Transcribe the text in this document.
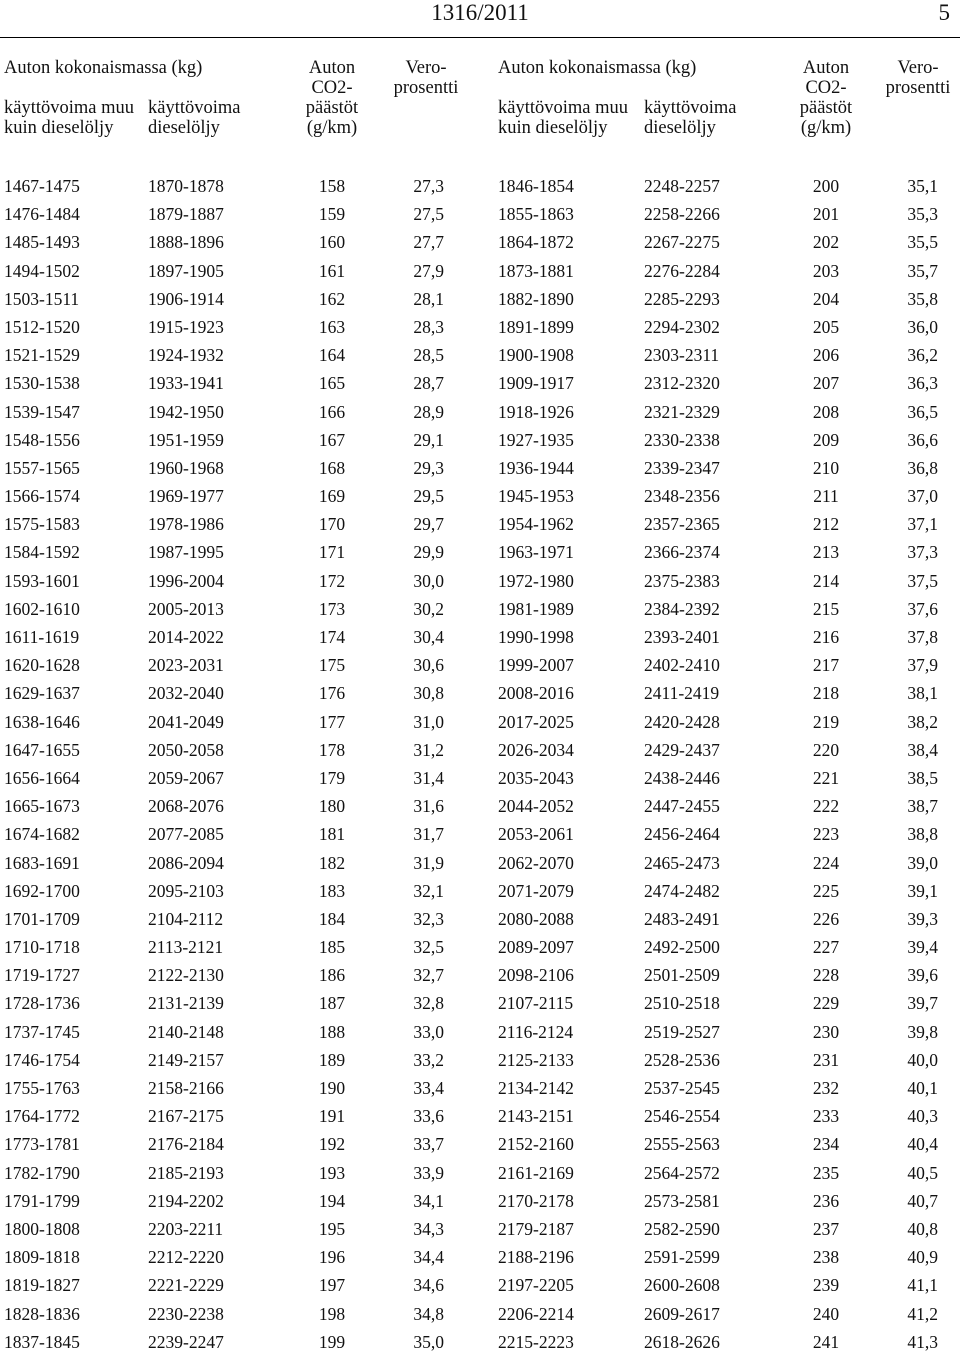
1316/2011	5
Auton kokonaismassa (kg)
käyttövoima muu kuin dieselöljy
käyttövoima dieselöljy
Auton CO2-päästöt (g/km)
Vero-prosentti
1467-1475	1870-1878	158	27,3
1476-1484	1879-1887	159	27,5
1485-1493	1888-1896	160	27,7
1494-1502	1897-1905	161	27,9
1503-1511	1906-1914	162	28,1
1512-1520	1915-1923	163	28,3
1521-1529	1924-1932	164	28,5
1530-1538	1933-1941	165	28,7
1539-1547	1942-1950	166	28,9
1548-1556	1951-1959	167	29,1
1557-1565	1960-1968	168	29,3
1566-1574	1969-1977	169	29,5
1575-1583	1978-1986	170	29,7
1584-1592	1987-1995	171	29,9
1593-1601	1996-2004	172	30,0
1602-1610	2005-2013	173	30,2
1611-1619	2014-2022	174	30,4
1620-1628	2023-2031	175	30,6
1629-1637	2032-2040	176	30,8
1638-1646	2041-2049	177	31,0
1647-1655	2050-2058	178	31,2
1656-1664	2059-2067	179	31,4
1665-1673	2068-2076	180	31,6
1674-1682	2077-2085	181	31,7
1683-1691	2086-2094	182	31,9
1692-1700	2095-2103	183	32,1
1701-1709	2104-2112	184	32,3
1710-1718	2113-2121	185	32,5
1719-1727	2122-2130	186	32,7
1728-1736	2131-2139	187	32,8
1737-1745	2140-2148	188	33,0
1746-1754	2149-2157	189	33,2
1755-1763	2158-2166	190	33,4
1764-1772	2167-2175	191	33,6
1773-1781	2176-2184	192	33,7
1782-1790	2185-2193	193	33,9
1791-1799	2194-2202	194	34,1
1800-1808	2203-2211	195	34,3
1809-1818	2212-2220	196	34,4
1819-1827	2221-2229	197	34,6
1828-1836	2230-2238	198	34,8
1837-1845	2239-2247	199	35,0
Auton kokonaismassa (kg)
käyttövoima muu kuin dieselöljy
käyttövoima dieselöljy
Auton CO2-päästöt (g/km)
Vero-prosentti
1846-1854	2248-2257	200	35,1
1855-1863	2258-2266	201	35,3
1864-1872	2267-2275	202	35,5
1873-1881	2276-2284	203	35,7
1882-1890	2285-2293	204	35,8
1891-1899	2294-2302	205	36,0
1900-1908	2303-2311	206	36,2
1909-1917	2312-2320	207	36,3
1918-1926	2321-2329	208	36,5
1927-1935	2330-2338	209	36,6
1936-1944	2339-2347	210	36,8
1945-1953	2348-2356	211	37,0
1954-1962	2357-2365	212	37,1
1963-1971	2366-2374	213	37,3
1972-1980	2375-2383	214	37,5
1981-1989	2384-2392	215	37,6
1990-1998	2393-2401	216	37,8
1999-2007	2402-2410	217	37,9
2008-2016	2411-2419	218	38,1
2017-2025	2420-2428	219	38,2
2026-2034	2429-2437	220	38,4
2035-2043	2438-2446	221	38,5
2044-2052	2447-2455	222	38,7
2053-2061	2456-2464	223	38,8
2062-2070	2465-2473	224	39,0
2071-2079	2474-2482	225	39,1
2080-2088	2483-2491	226	39,3
2089-2097	2492-2500	227	39,4
2098-2106	2501-2509	228	39,6
2107-2115	2510-2518	229	39,7
2116-2124	2519-2527	230	39,8
2125-2133	2528-2536	231	40,0
2134-2142	2537-2545	232	40,1
2143-2151	2546-2554	233	40,3
2152-2160	2555-2563	234	40,4
2161-2169	2564-2572	235	40,5
2170-2178	2573-2581	236	40,7
2179-2187	2582-2590	237	40,8
2188-2196	2591-2599	238	40,9
2197-2205	2600-2608	239	41,1
2206-2214	2609-2617	240	41,2
2215-2223	2618-2626	241	41,3
